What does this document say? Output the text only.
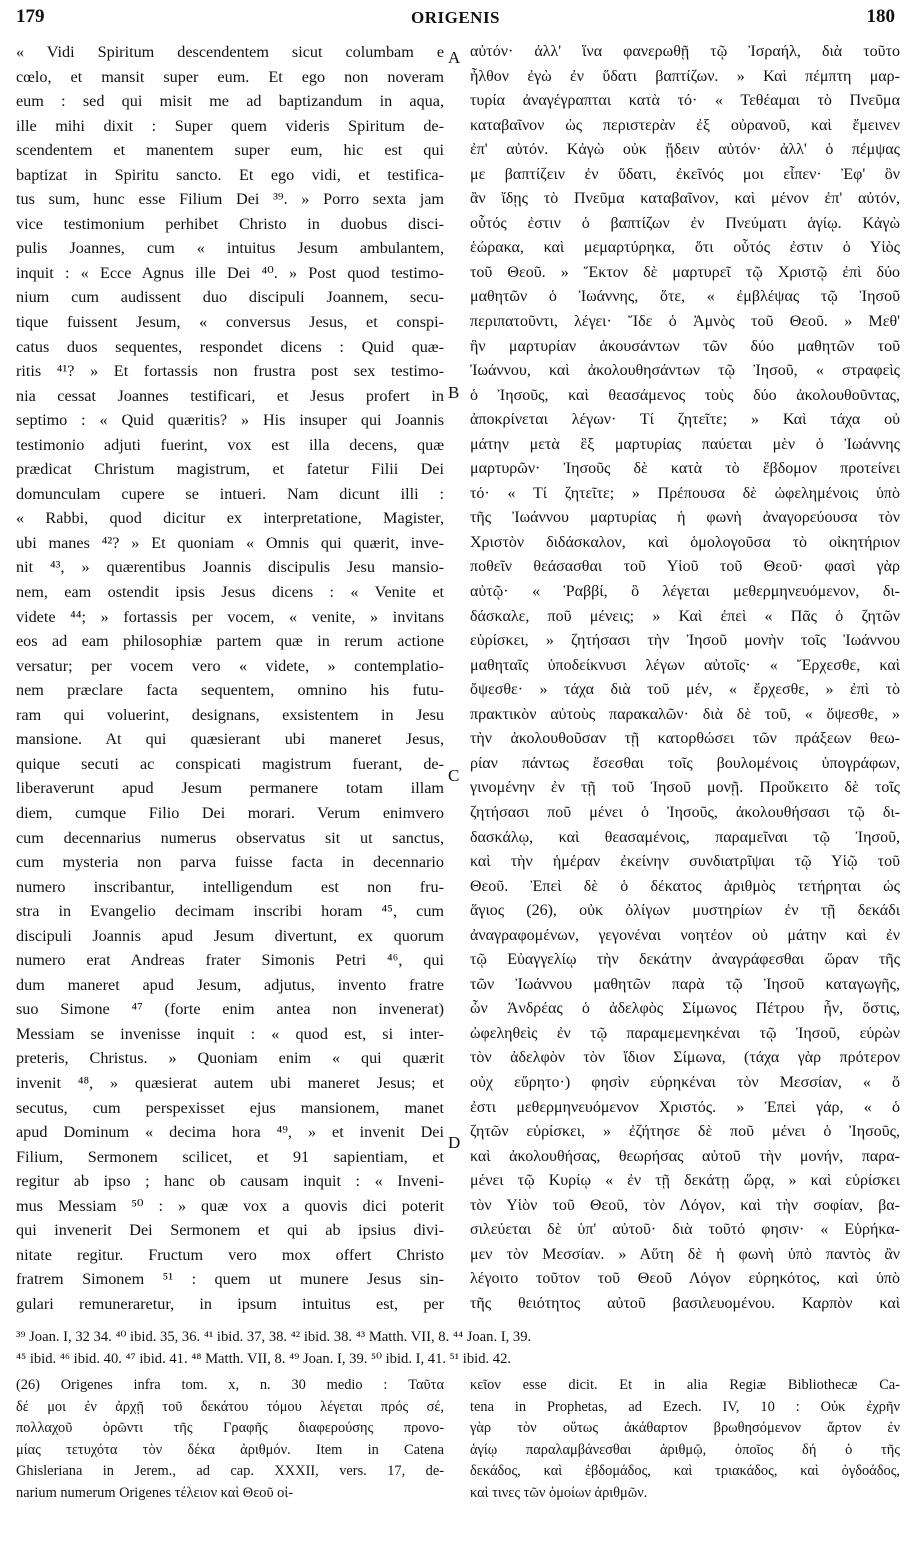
179	ORIGENIS	180
A
B
C
D
« Vidi Spiritum descendentem sicut columbam e
cœlo, et mansit super eum. Et ego non noveram
eum : sed qui misit me ad baptizandum in aqua,
ille mihi dixit : Super quem videris Spiritum de-
scendentem et manentem super eum, hic est qui
baptizat in Spiritu sancto. Et ego vidi, et testifica-
tus sum, hunc esse Filium Dei ³⁹. » Porro sexta jam
vice testimonium perhibet Christo in duobus disci-
pulis Joannes, cum « intuitus Jesum ambulantem,
inquit : « Ecce Agnus ille Dei ⁴⁰. » Post quod testimo-
nium cum audissent duo discipuli Joannem, secu-
tique fuissent Jesum, « conversus Jesus, et conspi-
catus duos sequentes, respondet dicens : Quid quæ-
ritis ⁴¹? » Et fortassis non frustra post sex testimo-
nia cessat Joannes testificari, et Jesus profert in
septimo : « Quid quæritis? » His insuper qui Joannis
testimonio adjuti fuerint, vox est illa decens, quæ
prædicat Christum magistrum, et fatetur Filii Dei
domunculam cupere se intueri. Nam dicunt illi :
« Rabbi, quod dicitur ex interpretatione, Magister,
ubi manes ⁴²? » Et quoniam « Omnis qui quærit, inve-
nit ⁴³, » quærentibus Joannis discipulis Jesu mansio-
nem, eam ostendit ipsis Jesus dicens : « Venite et
videte ⁴⁴; » fortassis per vocem, « venite, » invitans
eos ad eam philosophiæ partem quæ in rerum actione
versatur; per vocem vero « videte, » contemplatio-
nem præclare facta sequentem, omnino his futu-
ram qui voluerint, designans, exsistentem in Jesu
mansione. At qui quæsierant ubi maneret Jesus,
quique secuti ac conspicati magistrum fuerant, de-
liberaverunt apud Jesum permanere totam illam
diem, cumque Filio Dei morari. Verum enimvero
cum decennarius numerus observatus sit ut sanctus,
cum mysteria non parva fuisse facta in decennario
numero inscribantur, intelligendum est non fru-
stra in Evangelio decimam inscribi horam ⁴⁵, cum
discipuli Joannis apud Jesum divertunt, ex quorum
numero erat Andreas frater Simonis Petri ⁴⁶, qui
dum maneret apud Jesum, adjutus, invento fratre
suo Simone ⁴⁷ (forte enim antea non invenerat)
Messiam se invenisse inquit : « quod est, si inter-
preteris, Christus. » Quoniam enim « qui quærit
invenit ⁴⁸, » quæsierat autem ubi maneret Jesus; et
secutus, cum perspexisset ejus mansionem, manet
apud Dominum « decima hora ⁴⁹, » et invenit Dei
Filium, Sermonem scilicet, et 91 sapientiam, et
regitur ab ipso ; hanc ob causam inquit : « Inveni-
mus Messiam ⁵⁰ : » quæ vox a quovis dici poterit
qui invenerit Dei Sermonem et qui ab ipsius divi-
nitate regitur. Fructum vero mox offert Christo
fratrem Simonem ⁵¹ : quem ut munere Jesus sin-
gulari remuneraretur, in ipsum intuitus est, per
αὐτόν· ἀλλ' ἵνα φανερωθῇ τῷ Ἰσραήλ, διὰ τοῦτο
ἦλθον ἐγὼ ἐν ὕδατι βαπτίζων. » Καὶ πέμπτη μαρ-
τυρία ἀναγέγραπται κατὰ τό· « Τεθέαμαι τὸ Πνεῦμα
καταβαῖνον ὡς περιστερὰν ἐξ οὐρανοῦ, καὶ ἔμεινεν
ἐπ' αὐτόν. Κἀγὼ οὐκ ᾔδειν αὐτόν· ἀλλ' ὁ πέμψας
με βαπτίζειν ἐν ὕδατι, ἐκεῖνός μοι εἶπεν· Ἐφ' ὃν
ἂν ἴδῃς τὸ Πνεῦμα καταβαῖνον, καὶ μένον ἐπ' αὐτόν,
οὗτός ἐστιν ὁ βαπτίζων ἐν Πνεύματι ἁγίῳ. Κἀγὼ
ἑώρακα, καὶ μεμαρτύρηκα, ὅτι οὗτός ἐστιν ὁ Υἱὸς
τοῦ Θεοῦ. » Ἕκτον δὲ μαρτυρεῖ τῷ Χριστῷ ἐπὶ δύο
μαθητῶν ὁ Ἰωάννης, ὅτε, « ἐμβλέψας τῷ Ἰησοῦ
περιπατοῦντι, λέγει· Ἴδε ὁ Ἀμνὸς τοῦ Θεοῦ. » Μεθ'
ἣν μαρτυρίαν ἀκουσάντων τῶν δύο μαθητῶν τοῦ
Ἰωάννου, καὶ ἀκολουθησάντων τῷ Ἰησοῦ, « στραφεὶς
ὁ Ἰησοῦς, καὶ θεασάμενος τοὺς δύο ἀκολουθοῦντας,
ἀποκρίνεται λέγων· Τί ζητεῖτε; » Καὶ τάχα οὐ
μάτην μετὰ ἓξ μαρτυρίας παύεται μὲν ὁ Ἰωάννης
μαρτυρῶν· Ἰησοῦς δὲ κατὰ τὸ ἕβδομον προτείνει
τό· « Τί ζητεῖτε; » Πρέπουσα δὲ ὠφελημένοις ὑπὸ
τῆς Ἰωάννου μαρτυρίας ἡ φωνὴ ἀναγορεύουσα τὸν
Χριστὸν διδάσκαλον, καὶ ὁμολογοῦσα τὸ οἰκητήριον
ποθεῖν θεάσασθαι τοῦ Υἱοῦ τοῦ Θεοῦ· φασὶ γὰρ
αὐτῷ· « Ῥαββί, ὃ λέγεται μεθερμηνευόμενον, δι-
δάσκαλε, ποῦ μένεις; » Καὶ ἐπεὶ « Πᾶς ὁ ζητῶν
εὑρίσκει, » ζητήσασι τὴν Ἰησοῦ μονὴν τοῖς Ἰωάννου
μαθηταῖς ὑποδείκνυσι λέγων αὐτοῖς· « Ἔρχεσθε, καὶ
ὄψεσθε· » τάχα διὰ τοῦ μέν, « ἔρχεσθε, » ἐπὶ τὸ
πρακτικὸν αὐτοὺς παρακαλῶν· διὰ δὲ τοῦ, « ὄψεσθε, »
τὴν ἀκολουθοῦσαν τῇ κατορθώσει τῶν πράξεων θεω-
ρίαν πάντως ἔσεσθαι τοῖς βουλομένοις ὑπογράφων,
γινομένην ἐν τῇ τοῦ Ἰησοῦ μονῇ. Προὔκειτο δὲ τοῖς
ζητήσασι ποῦ μένει ὁ Ἰησοῦς, ἀκολουθήσασι τῷ δι-
δασκάλῳ, καὶ θεασαμένοις, παραμεῖναι τῷ Ἰησοῦ,
καὶ τὴν ἡμέραν ἐκείνην συνδιατρῖψαι τῷ Υἱῷ τοῦ
Θεοῦ. Ἐπεὶ δὲ ὁ δέκατος ἀριθμὸς τετήρηται ὡς
ἅγιος (26), οὐκ ὀλίγων μυστηρίων ἐν τῇ δεκάδι
ἀναγραφομένων, γεγονέναι νοητέον οὐ μάτην καὶ ἐν
τῷ Εὐαγγελίῳ τὴν δεκάτην ἀναγράφεσθαι ὥραν τῆς
τῶν Ἰωάννου μαθητῶν παρὰ τῷ Ἰησοῦ καταγωγῆς,
ὧν Ἀνδρέας ὁ ἀδελφὸς Σίμωνος Πέτρου ἦν, ὅστις,
ὠφεληθεὶς ἐν τῷ παραμεμενηκέναι τῷ Ἰησοῦ, εὑρὼν
τὸν ἀδελφὸν τὸν ἴδιον Σίμωνα, (τάχα γὰρ πρότερον
οὐχ εὕρητο·) φησὶν εὑρηκέναι τὸν Μεσσίαν, « ὅ
ἐστι μεθερμηνευόμενον Χριστός. » Ἐπεὶ γάρ, « ὁ
ζητῶν εὑρίσκει, » ἐζήτησε δὲ ποῦ μένει ὁ Ἰησοῦς,
καὶ ἀκολουθήσας, θεωρήσας αὐτοῦ τὴν μονήν, παρα-
μένει τῷ Κυρίῳ « ἐν τῇ δεκάτῃ ὥρᾳ, » καὶ εὑρίσκει
τὸν Υἱὸν τοῦ Θεοῦ, τὸν Λόγον, καὶ τὴν σοφίαν, βα-
σιλεύεται δὲ ὑπ' αὐτοῦ· διὰ τοῦτό φησιν· « Εὑρήκα-
μεν τὸν Μεσσίαν. » Αὕτη δὲ ἡ φωνὴ ὑπὸ παντὸς ἂν
λέγοιτο τοῦτον τοῦ Θεοῦ Λόγον εὑρηκότος, καὶ ὑπὸ
τῆς θειότητος αὐτοῦ βασιλευομένου. Καρπὸν καὶ
³⁹ Joan. I, 32 34. ⁴⁰ ibid. 35, 36. ⁴¹ ibid. 37, 38. ⁴² ibid. 38. ⁴³ Matth. VII, 8. ⁴⁴ Joan. I, 39.
⁴⁵ ibid. ⁴⁶ ibid. 40. ⁴⁷ ibid. 41. ⁴⁸ Matth. VII, 8. ⁴⁹ Joan. I, 39. ⁵⁰ ibid. I, 41. ⁵¹ ibid. 42.
(26) Origenes infra tom. x, n. 30 medio : Ταῦτα
δέ μοι ἐν ἀρχῇ τοῦ δεκάτου τόμου λέγεται πρός σέ,
πολλαχοῦ ὁρῶντι τῆς Γραφῆς διαφερούσης προνο-
μίας τετυχότα τὸν δέκα ἀριθμόν. Item in Catena
Ghisleriana in Jerem., ad cap. XXXII, vers. 17, de-
narium numerum Origenes τέλειον καὶ Θεοῦ οἰ-
κεῖον esse dicit. Et in alia Regiæ Bibliothecæ Ca-
tena in Prophetas, ad Ezech. IV, 10 : Οὐκ ἐχρῆν
γὰρ τὸν οὕτως ἀκάθαρτον βρωθησόμενον ἄρτον ἐν
ἁγίῳ παραλαμβάνεσθαι ἀριθμῷ, ὁποῖος δή ὁ τῆς
δεκάδος, καὶ ἑβδομάδος, καὶ τριακάδος, καὶ ὀγδοάδος,
καὶ τινες τῶν ὁμοίων ἀριθμῶν.
